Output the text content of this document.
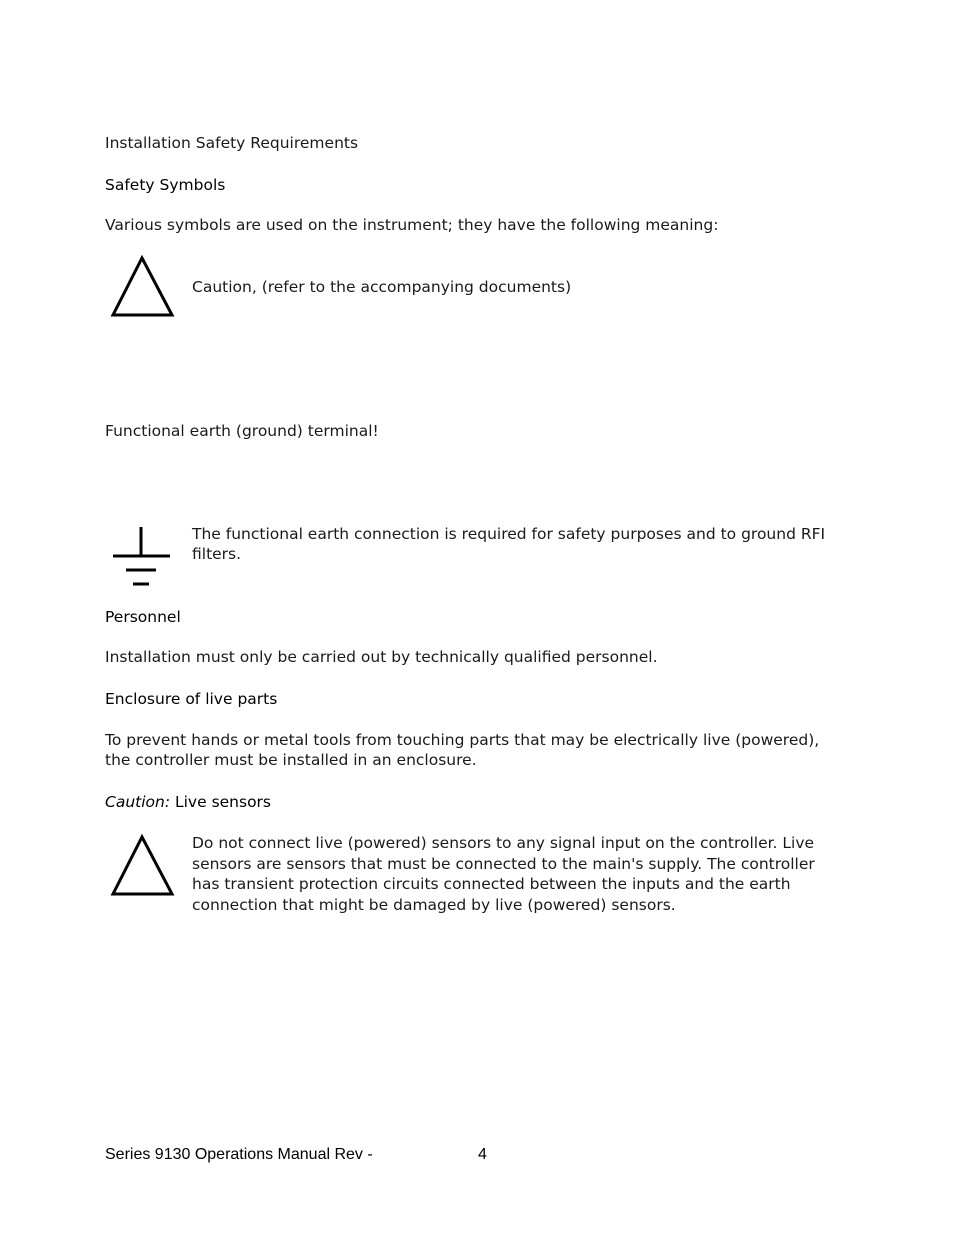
Installation Safety Requirements
Safety Symbols
Various symbols are used on the instrument; they have the following meaning:
Caution, (refer to the accompanying documents)
Functional earth (ground) terminal!
The functional earth connection is required for safety purposes and to ground RFI filters.
Personnel
Installation must only be carried out by technically qualified personnel.
Enclosure of live parts
To prevent hands or metal tools from touching parts that may be electrically live (powered), the controller must be installed in an enclosure.
Caution: Live sensors
Do not connect live (powered) sensors to any signal input on the controller. Live sensors are sensors that must be connected to the main's supply. The controller has transient protection circuits connected between the inputs and the earth connection that might be damaged by live (powered) sensors.
Series 9130 Operations Manual Rev -	4
